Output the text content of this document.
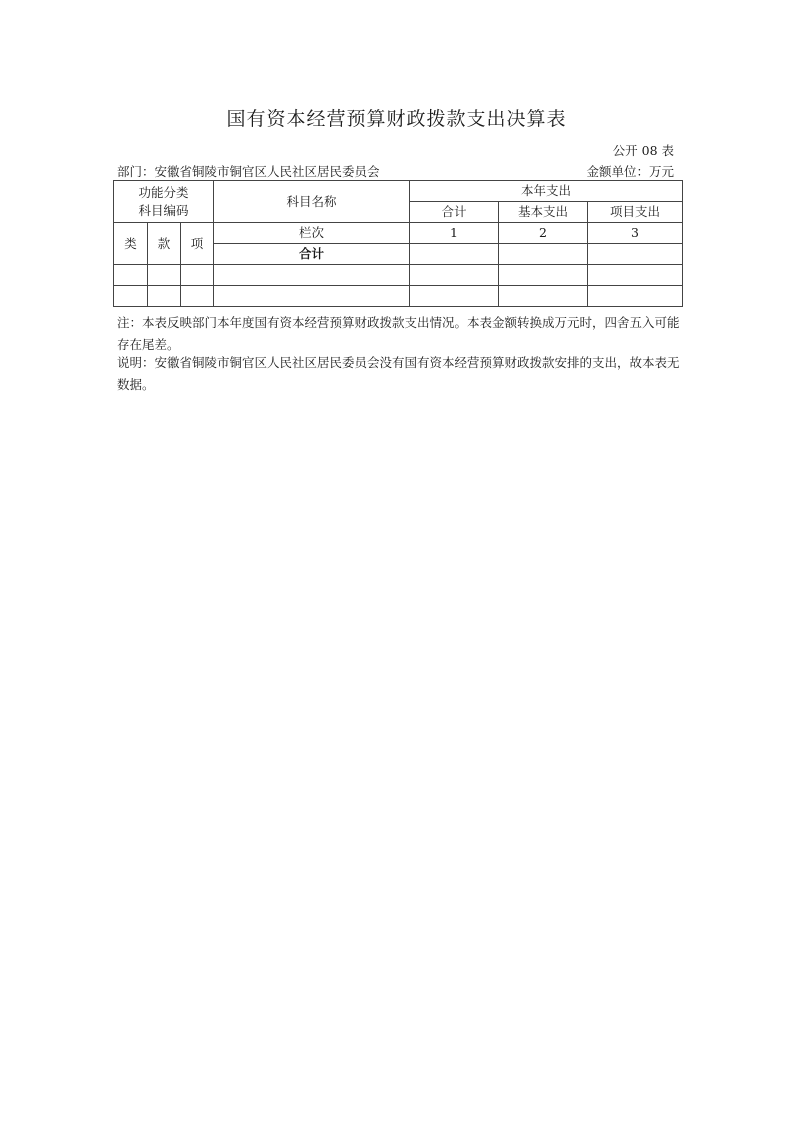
国有资本经营预算财政拨款支出决算表
公开 08 表
部门：安徽省铜陵市铜官区人民社区居民委员会	金额单位：万元
功能分类
科目编码			科目名称	本年支出		
				合计	基本支出	项目支出
类	款	项	栏次	1	2	3
			合计			

注：本表反映部门本年度国有资本经营预算财政拨款支出情况。本表金额转换成万元时，四舍五入可能存在尾差。
说明：安徽省铜陵市铜官区人民社区居民委员会没有国有资本经营预算财政拨款安排的支出，故本表无数据。
